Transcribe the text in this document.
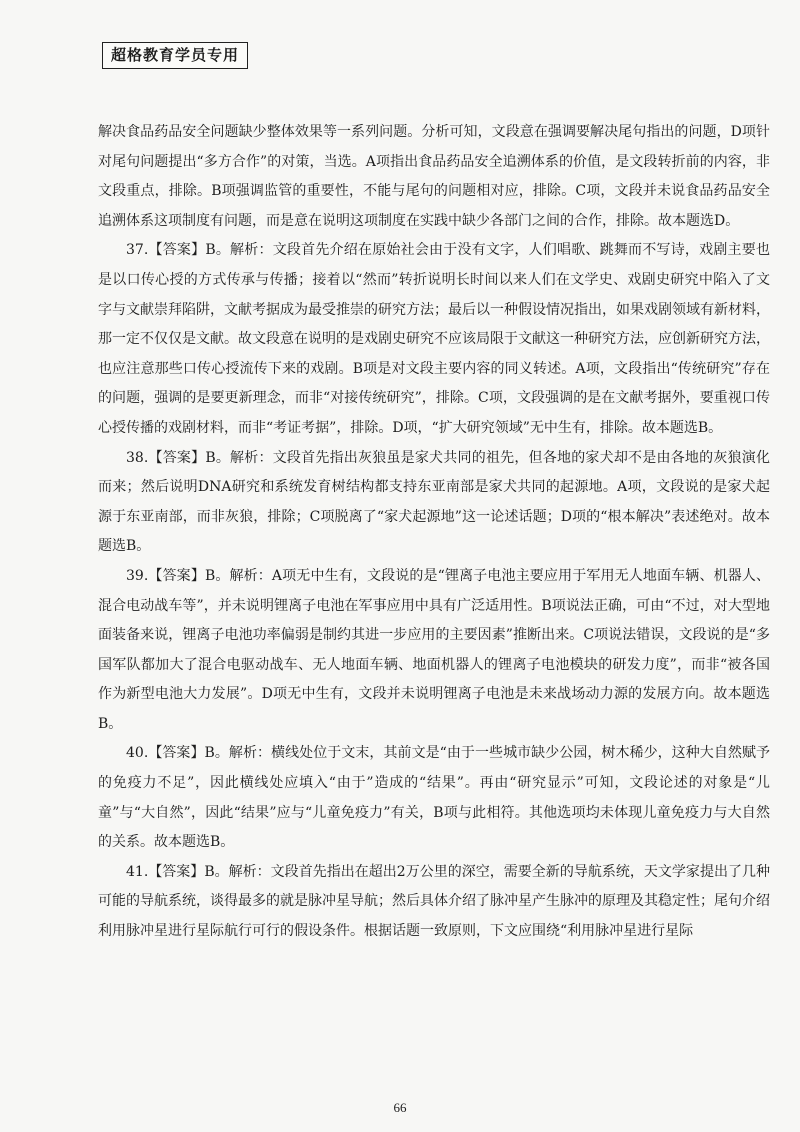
超格教育学员专用

解决食品药品安全问题缺少整体效果等一系列问题。分析可知，文段意在强调要解决尾句指出的问题，D项针对尾句问题提出“多方合作”的对策，当选。A项指出食品药品安全追溯体系的价值，是文段转折前的内容，非文段重点，排除。B项强调监管的重要性，不能与尾句的问题相对应，排除。C项，文段并未说食品药品安全追溯体系这项制度有问题，而是意在说明这项制度在实践中缺少各部门之间的合作，排除。故本题选D。

37.【答案】B。解析：文段首先介绍在原始社会由于没有文字，人们唱歌、跳舞而不写诗，戏剧主要也是以口传心授的方式传承与传播；接着以“然而”转折说明长时间以来人们在文学史、戏剧史研究中陷入了文字与文献崇拜陷阱，文献考据成为最受推崇的研究方法；最后以一种假设情况指出，如果戏剧领域有新材料，那一定不仅仅是文献。故文段意在说明的是戏剧史研究不应该局限于文献这一种研究方法，应创新研究方法，也应注意那些口传心授流传下来的戏剧。B项是对文段主要内容的同义转述。A项，文段指出“传统研究”存在的问题，强调的是要更新理念，而非“对接传统研究”，排除。C项，文段强调的是在文献考据外，要重视口传心授传播的戏剧材料，而非“考证考据”，排除。D项，“扩大研究领域”无中生有，排除。故本题选B。

38.【答案】B。解析：文段首先指出灰狼虽是家犬共同的祖先，但各地的家犬却不是由各地的灰狼演化而来；然后说明DNA研究和系统发育树结构都支持东亚南部是家犬共同的起源地。A项，文段说的是家犬起源于东亚南部，而非灰狼，排除；C项脱离了“家犬起源地”这一论述话题；D项的“根本解决”表述绝对。故本题选B。

39.【答案】B。解析：A项无中生有，文段说的是“锂离子电池主要应用于军用无人地面车辆、机器人、混合电动战车等”，并未说明锂离子电池在军事应用中具有广泛适用性。B项说法正确，可由“不过，对大型地面装备来说，锂离子电池功率偏弱是制约其进一步应用的主要因素”推断出来。C项说法错误，文段说的是“多国军队都加大了混合电驱动战车、无人地面车辆、地面机器人的锂离子电池模块的研发力度”，而非“被各国作为新型电池大力发展”。D项无中生有，文段并未说明锂离子电池是未来战场动力源的发展方向。故本题选B。

40.【答案】B。解析：横线处位于文末，其前文是“由于一些城市缺少公园，树木稀少，这种大自然赋予的免疫力不足”，因此横线处应填入“由于”造成的“结果”。再由“研究显示”可知，文段论述的对象是“儿童”与“大自然”，因此“结果”应与“儿童免疫力”有关，B项与此相符。其他选项均未体现儿童免疫力与大自然的关系。故本题选B。

41.【答案】B。解析：文段首先指出在超出2万公里的深空，需要全新的导航系统，天文学家提出了几种可能的导航系统，谈得最多的就是脉冲星导航；然后具体介绍了脉冲星产生脉冲的原理及其稳定性；尾句介绍利用脉冲星进行星际航行可行的假设条件。根据话题一致原则，下文应围绕“利用脉冲星进行星际

66
